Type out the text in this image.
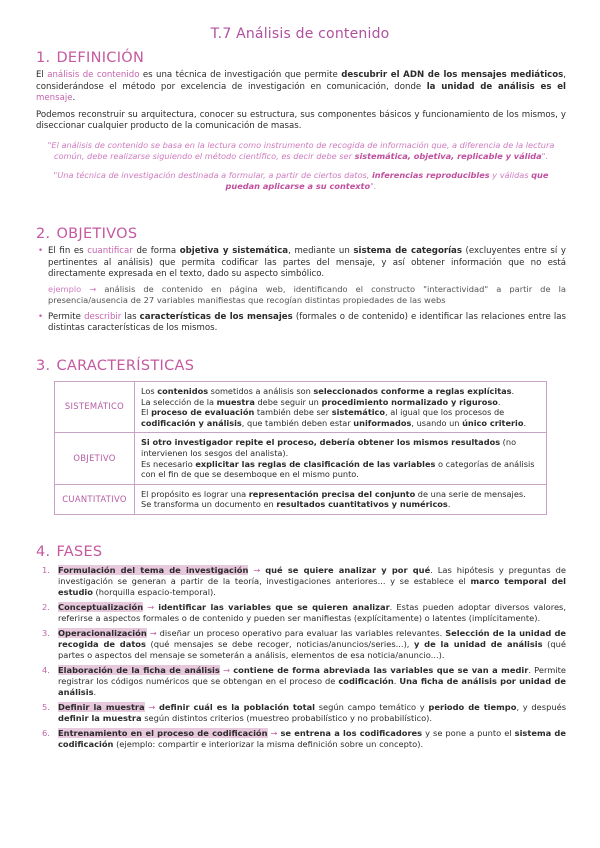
T.7 Análisis de contenido
1. DEFINICIÓN

El análisis de contenido es una técnica de investigación que permite descubrir el ADN de los mensajes mediáticos, considerándose el método por excelencia de investigación en comunicación, donde la unidad de análisis es el mensaje.

Podemos reconstruir su arquitectura, conocer su estructura, sus componentes básicos y funcionamiento de los mismos, y diseccionar cualquier producto de la comunicación de masas.

"El análisis de contenido se basa en la lectura como instrumento de recogida de información que, a diferencia de la lectura común, debe realizarse siguiendo el método científico, es decir debe ser sistemática, objetiva, replicable y válida".
"Una técnica de investigación destinada a formular, a partir de ciertos datos, inferencias reproducibles y válidas que puedan aplicarse a su contexto".
2. OBJETIVOS

• El fin es cuantificar de forma objetiva y sistemática, mediante un sistema de categorías (excluyentes entre sí y pertinentes al análisis) que permita codificar las partes del mensaje, y así obtener información que no está directamente expresada en el texto, dado su aspecto simbólico.

ejemplo → análisis de contenido en página web, identificando el constructo "interactividad" a partir de la presencia/ausencia de 27 variables manifiestas que recogían distintas propiedades de las webs

• Permite describir las características de los mensajes (formales o de contenido) e identificar las relaciones entre las distintas características de los mismos.

3. CARACTERÍSTICAS
SISTEMÁTICO	Los contenidos sometidos a análisis son seleccionados conforme a reglas explícitas.
La selección de la muestra debe seguir un procedimiento normalizado y riguroso.
El proceso de evaluación también debe ser sistemático, al igual que los procesos de codificación y análisis, que también deben estar uniformados, usando un único criterio.

OBJETIVO	Si otro investigador repite el proceso, debería obtener los mismos resultados (no intervienen los sesgos del analista).
Es necesario explicitar las reglas de clasificación de las variables o categorías de análisis con el fin de que se desemboque en el mismo punto.

CUANTITATIVO	El propósito es lograr una representación precisa del conjunto de una serie de mensajes.
Se transforma un documento en resultados cuantitativos y numéricos.
4. FASES
1. Formulación del tema de investigación → qué se quiere analizar y por qué. Las hipótesis y preguntas de investigación se generan a partir de la teoría, investigaciones anteriores... y se establece el marco temporal del estudio (horquilla espacio-temporal).
2. Conceptualización → identificar las variables que se quieren analizar. Estas pueden adoptar diversos valores, referirse a aspectos formales o de contenido y pueden ser manifiestas (explícitamente) o latentes (implícitamente).
3. Operacionalización → diseñar un proceso operativo para evaluar las variables relevantes. Selección de la unidad de recogida de datos (qué mensajes se debe recoger, noticias/anuncios/series...), y de la unidad de análisis (qué partes o aspectos del mensaje se someterán a análisis, elementos de esa noticia/anuncio...).
4. Elaboración de la ficha de análisis → contiene de forma abreviada las variables que se van a medir. Permite registrar los códigos numéricos que se obtengan en el proceso de codificación. Una ficha de análisis por unidad de análisis.
5. Definir la muestra → definir cuál es la población total según campo temático y periodo de tiempo, y después definir la muestra según distintos criterios (muestreo probabilístico y no probabilístico).
6. Entrenamiento en el proceso de codificación → se entrena a los codificadores y se pone a punto el sistema de codificación (ejemplo: compartir e interiorizar la misma definición sobre un concepto).
